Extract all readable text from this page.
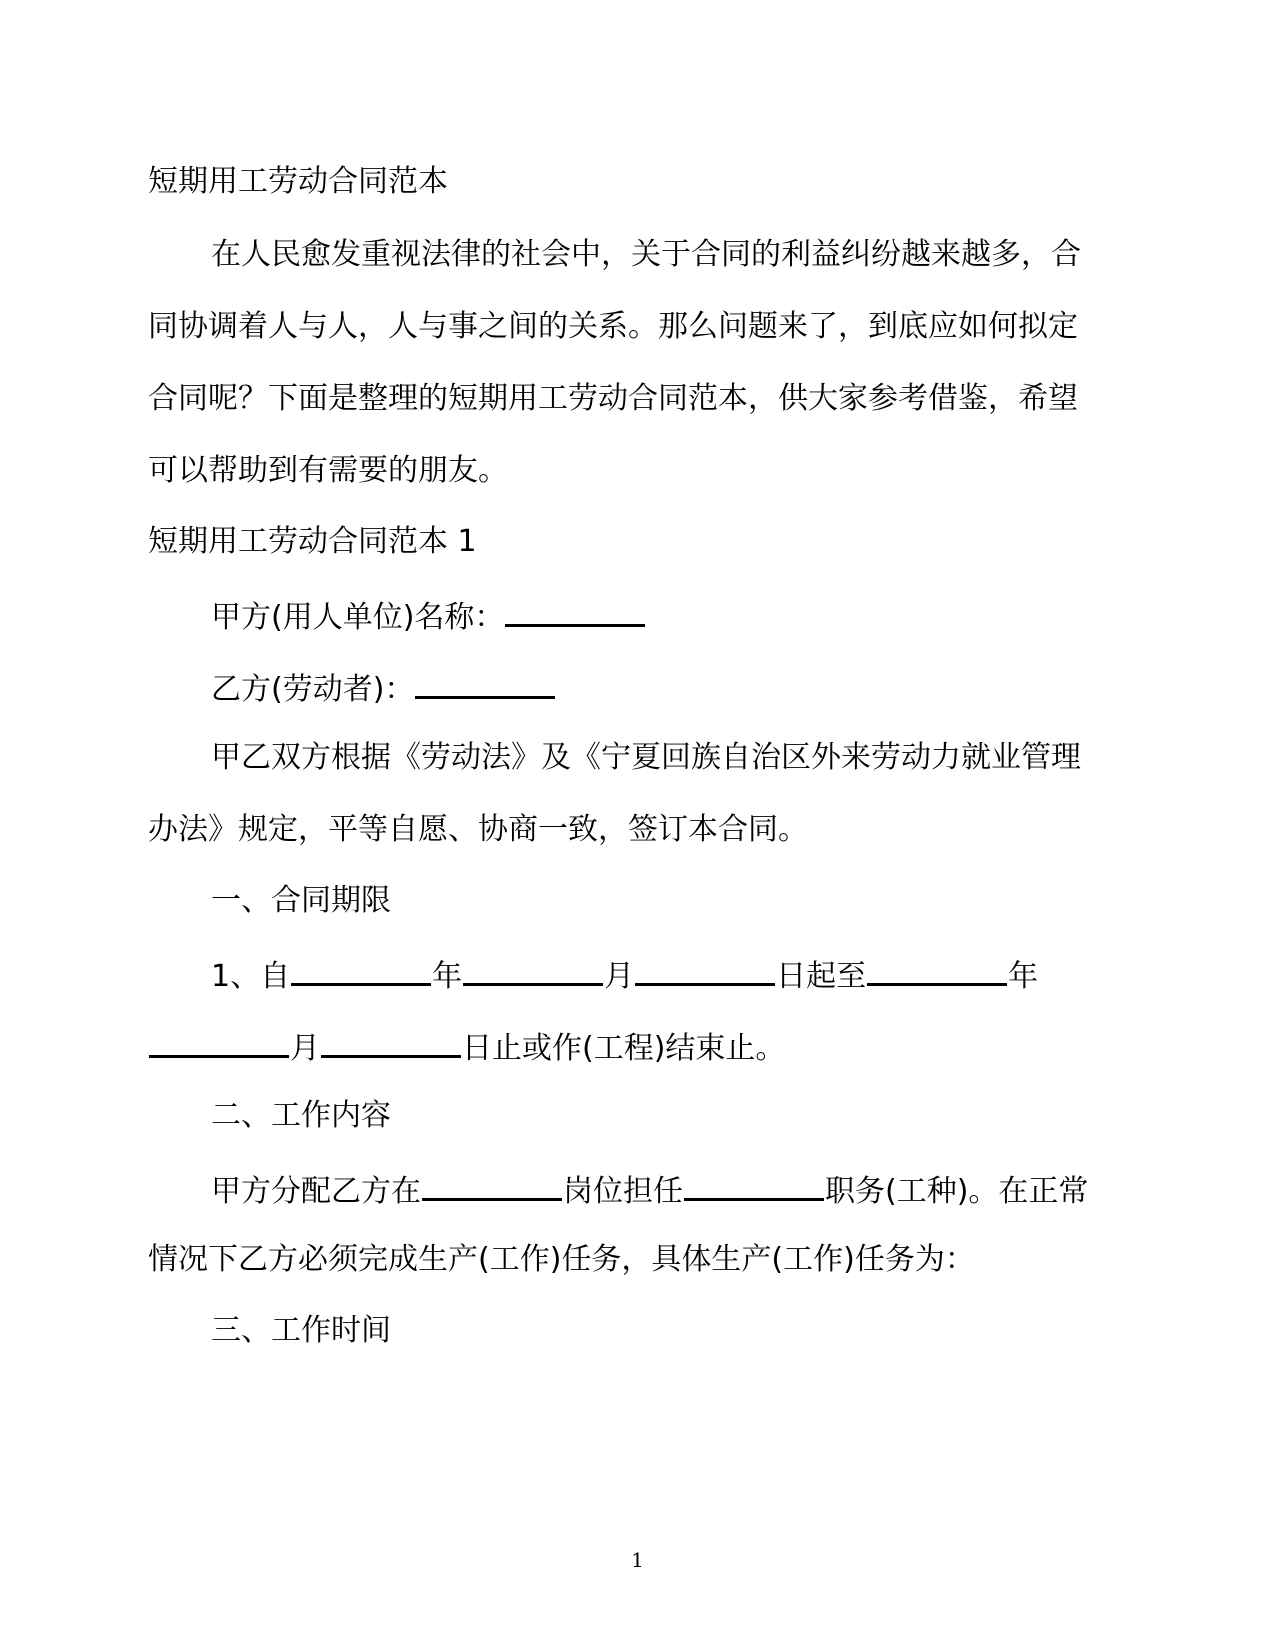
短期用工劳动合同范本
在人民愈发重视法律的社会中，关于合同的利益纠纷越来越多，合
同协调着人与人，人与事之间的关系。那么问题来了，到底应如何拟定
合同呢？下面是整理的短期用工劳动合同范本，供大家参考借鉴，希望
可以帮助到有需要的朋友。
短期用工劳动合同范本 1
甲方(用人单位)名称：
乙方(劳动者)：
甲乙双方根据《劳动法》及《宁夏回族自治区外来劳动力就业管理
办法》规定，平等自愿、协商一致，签订本合同。
一、合同期限
1、自	年	月	日起至	年
月	日止或作(工程)结束止。
二、工作内容
甲方分配乙方在	岗位担任	职务(工种)。在正常
情况下乙方必须完成生产(工作)任务，具体生产(工作)任务为：
三、工作时间
1
